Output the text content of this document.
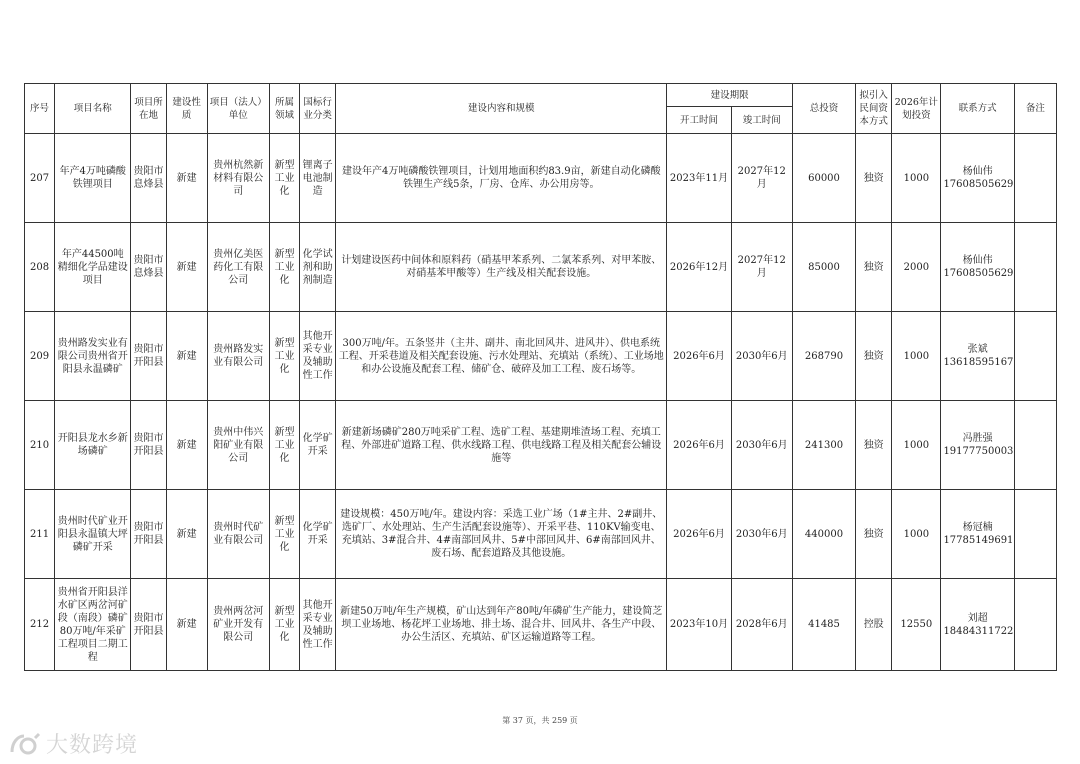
序号	项目名称	项目所在地	建设性质	项目（法人）单位	所属领域	国标行业分类	建设内容和规模	建设期限		总投资	拟引入民间资本方式	2026年计划投资	联系方式	备注
								开工时间	竣工时间					
207	年产4万吨磷酸铁锂项目	贵阳市息烽县	新建	贵州杭然新材料有限公司	新型工业化	锂离子电池制造	建设年产4万吨磷酸铁锂项目，计划用地面积约83.9亩，新建自动化磷酸铁锂生产线5条，厂房、仓库、办公用房等。	2023年11月	2027年12月	60000	独资	1000	杨仙伟
17608505629	
208	年产44500吨精细化学品建设项目	贵阳市息烽县	新建	贵州亿美医药化工有限公司	新型工业化	化学试剂和助剂制造	计划建设医药中间体和原料药（硝基甲苯系列、二氯苯系列、对甲苯胺、对硝基苯甲酸等）生产线及相关配套设施。	2026年12月	2027年12月	85000	独资	2000	杨仙伟
17608505629	
209	贵州路发实业有限公司贵州省开阳县永温磷矿	贵阳市开阳县	新建	贵州路发实业有限公司	新型工业化	其他开采专业及辅助性工作	300万吨/年。五条竖井（主井、副井、南北回风井、进风井）、供电系统工程、开采巷道及相关配套设施、污水处理站、充填站（系统）、工业场地和办公设施及配套工程、储矿仓、破碎及加工工程、废石场等。	2026年6月	2030年6月	268790	独资	1000	张斌
13618595167	
210	开阳县龙水乡新场磷矿	贵阳市开阳县	新建	贵州中伟兴阳矿业有限公司	新型工业化	化学矿开采	新建新场磷矿280万吨采矿工程、选矿工程、基建期堆渣场工程、充填工程、外部进矿道路工程、供水线路工程、供电线路工程及相关配套公辅设施等	2026年6月	2030年6月	241300	独资	1000	冯胜强
19177750003	
211	贵州时代矿业开阳县永温镇大坪磷矿开采	贵阳市开阳县	新建	贵州时代矿业有限公司	新型工业化	化学矿开采	建设规模：450万吨/年。建设内容：采选工业广场（1#主井、2#副井、选矿厂、水处理站、生产生活配套设施等）、开采平巷、110KV输变电、充填站、3#混合井、4#南部回风井、5#中部回风井、6#南部回风井、废石场、配套道路及其他设施。	2026年6月	2030年6月	440000	独资	1000	杨冠楠
17785149691	
212	贵州省开阳县洋水矿区两岔河矿段（南段）磷矿80万吨/年采矿工程项目二期工程	贵阳市开阳县	新建	贵州两岔河矿业开发有限公司	新型工业化	其他开采专业及辅助性工作	新建50万吨/年生产规模，矿山达到年产80吨/年磷矿生产能力，建设简芝坝工业场地、杨花坪工业场地、排土场、混合井、回风井、各生产中段、办公生活区、充填站、矿区运输道路等工程。	2023年10月	2028年6月	41485	控股	12550	刘超
18484311722	
第 37 页，共 259 页
大数跨境
